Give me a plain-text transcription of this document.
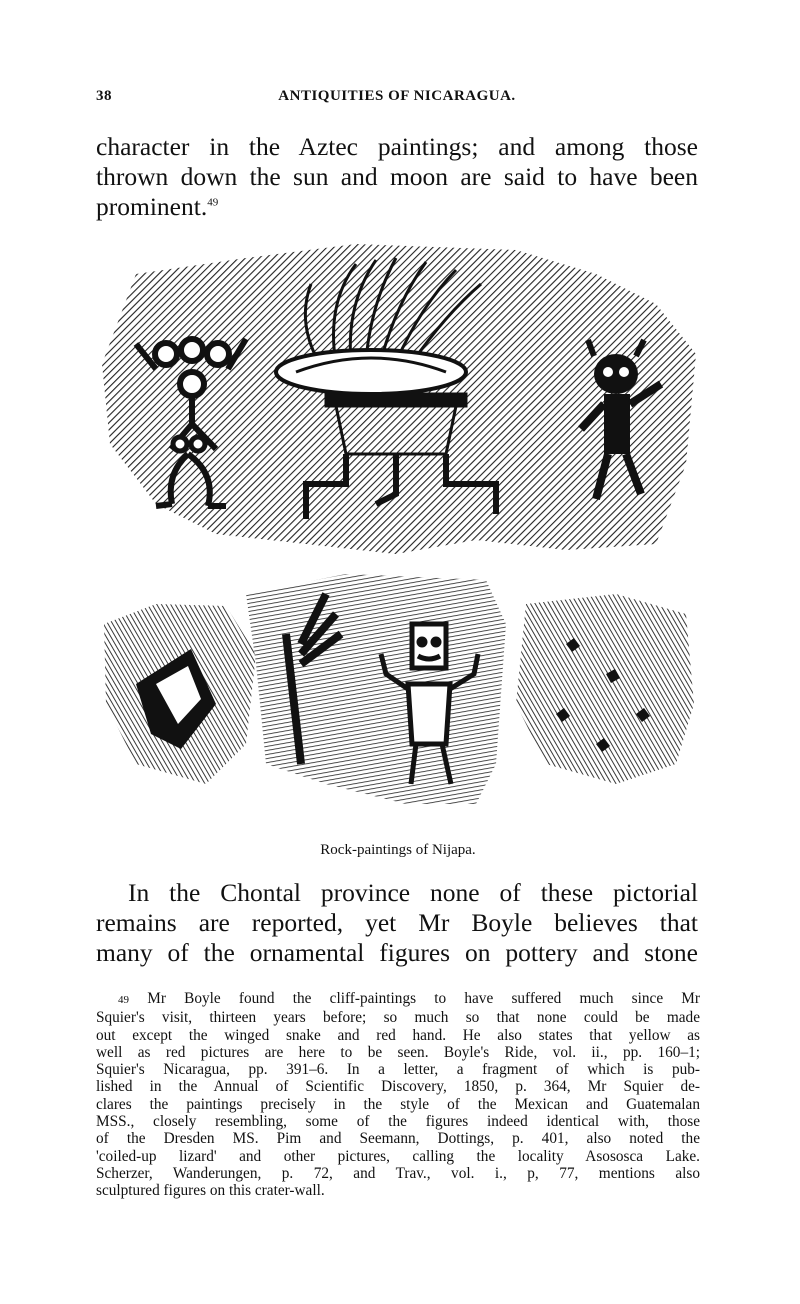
38	ANTIQUITIES OF NICARAGUA.
character in the Aztec paintings; and among those
thrown down the sun and moon are said to have been
prominent.$^{49}$
Rock-paintings of Nijapa.
In the Chontal province none of these pictorial
remains are reported, yet Mr Boyle believes that
many of the ornamental figures on pottery and stone
49 Mr Boyle found the cliff-paintings to have suffered much since Mr
Squier's visit, thirteen years before; so much so that none could be made
out except the winged snake and red hand. He also states that yellow as
well as red pictures are here to be seen. Boyle's Ride, vol. ii., pp. 160–1;
Squier's Nicaragua, pp. 391–6. In a letter, a fragment of which is pub-
lished in the Annual of Scientific Discovery, 1850, p. 364, Mr Squier de-
clares the paintings precisely in the style of the Mexican and Guatemalan
MSS., closely resembling, some of the figures indeed identical with, those
of the Dresden MS. Pim and Seemann, Dottings, p. 401, also noted the
'coiled-up lizard' and other pictures, calling the locality Asososca Lake.
Scherzer, Wanderungen, p. 72, and Trav., vol. i., p, 77, mentions also
sculptured figures on this crater-wall.
